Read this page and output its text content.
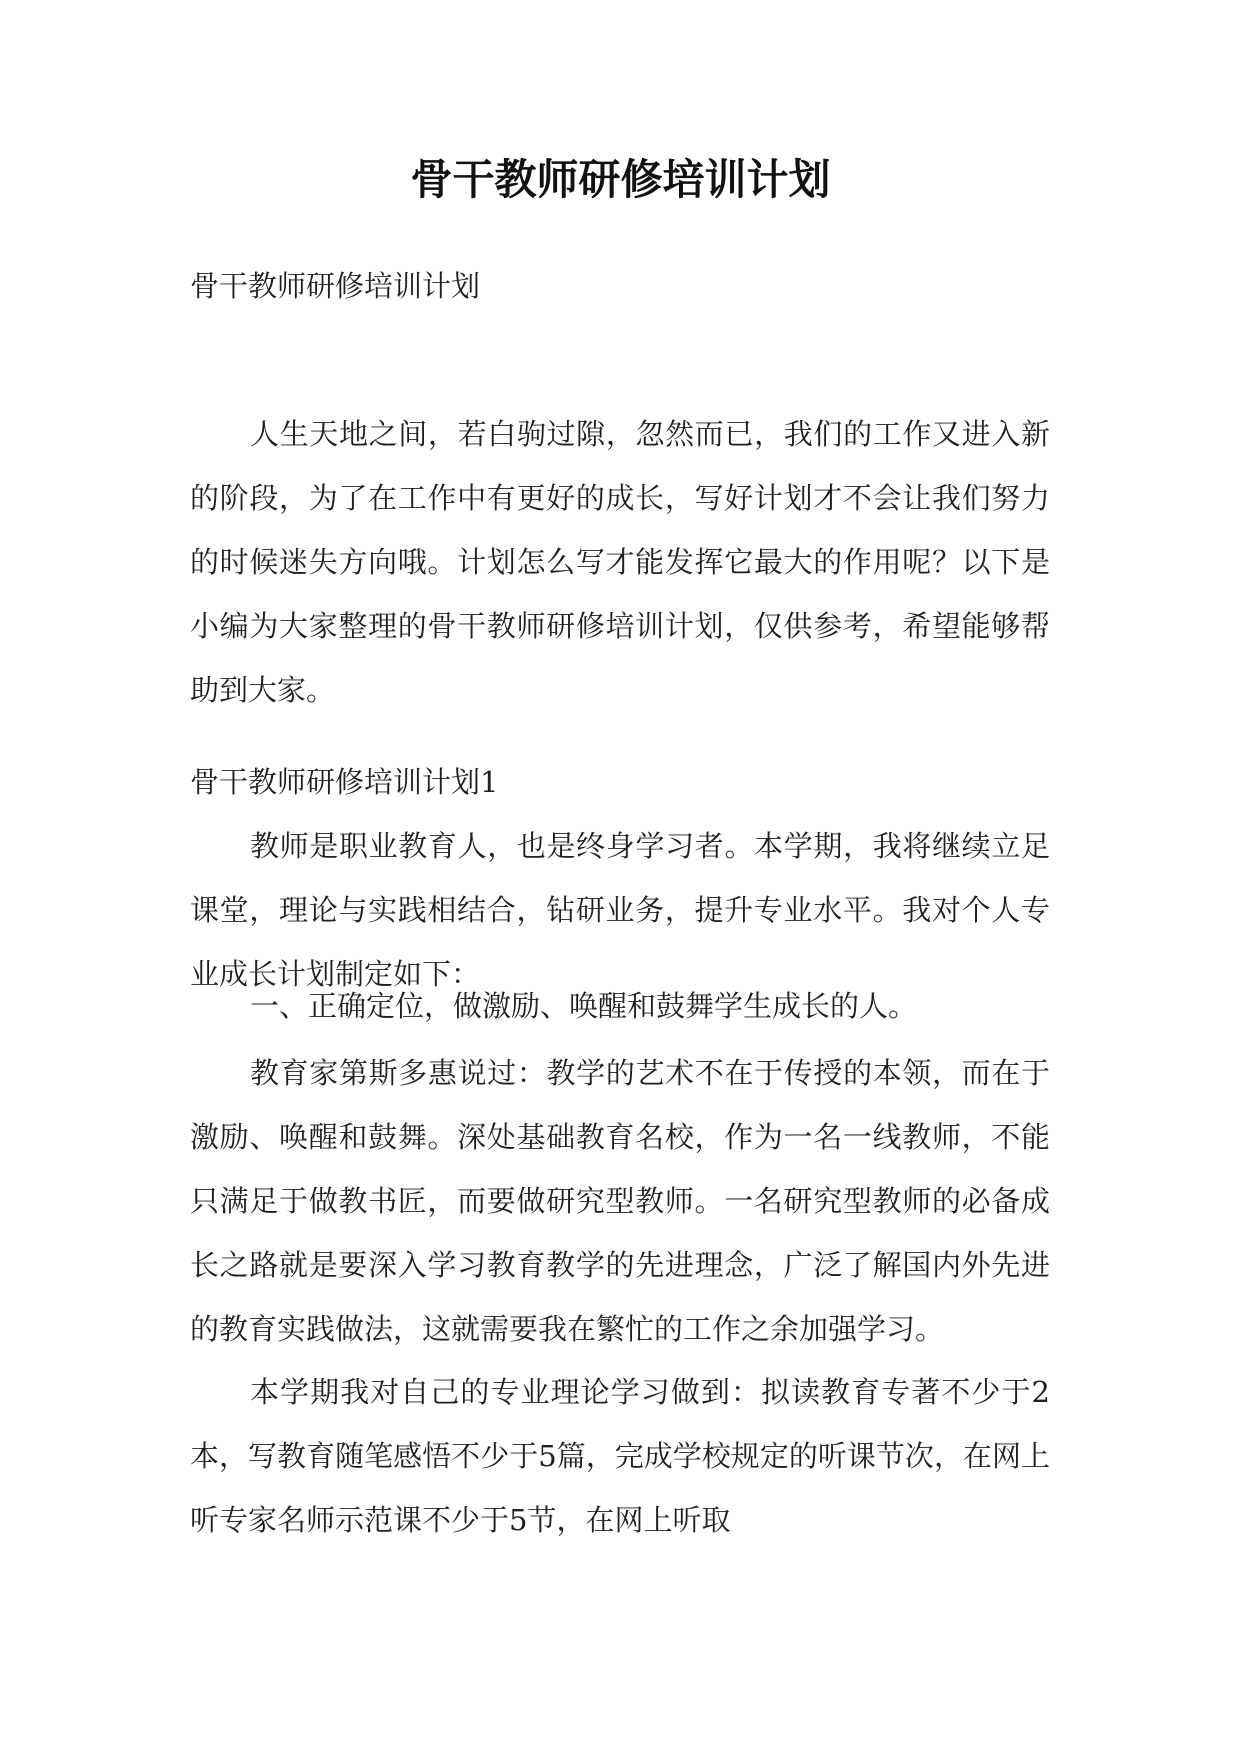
骨干教师研修培训计划

骨干教师研修培训计划

人生天地之间，若白驹过隙，忽然而已，我们的工作又进入新的阶段，为了在工作中有更好的成长，写好计划才不会让我们努力的时候迷失方向哦。计划怎么写才能发挥它最大的作用呢？以下是小编为大家整理的骨干教师研修培训计划，仅供参考，希望能够帮助到大家。

骨干教师研修培训计划1

教师是职业教育人，也是终身学习者。本学期，我将继续立足课堂，理论与实践相结合，钻研业务，提升专业水平。我对个人专业成长计划制定如下：

一、正确定位，做激励、唤醒和鼓舞学生成长的人。

教育家第斯多惠说过：教学的艺术不在于传授的本领，而在于激励、唤醒和鼓舞。深处基础教育名校，作为一名一线教师，不能只满足于做教书匠，而要做研究型教师。一名研究型教师的必备成长之路就是要深入学习教育教学的先进理念，广泛了解国内外先进的教育实践做法，这就需要我在繁忙的工作之余加强学习。

本学期我对自己的专业理论学习做到：拟读教育专著不少于2本，写教育随笔感悟不少于5篇，完成学校规定的听课节次，在网上听专家名师示范课不少于5节，在网上听取
